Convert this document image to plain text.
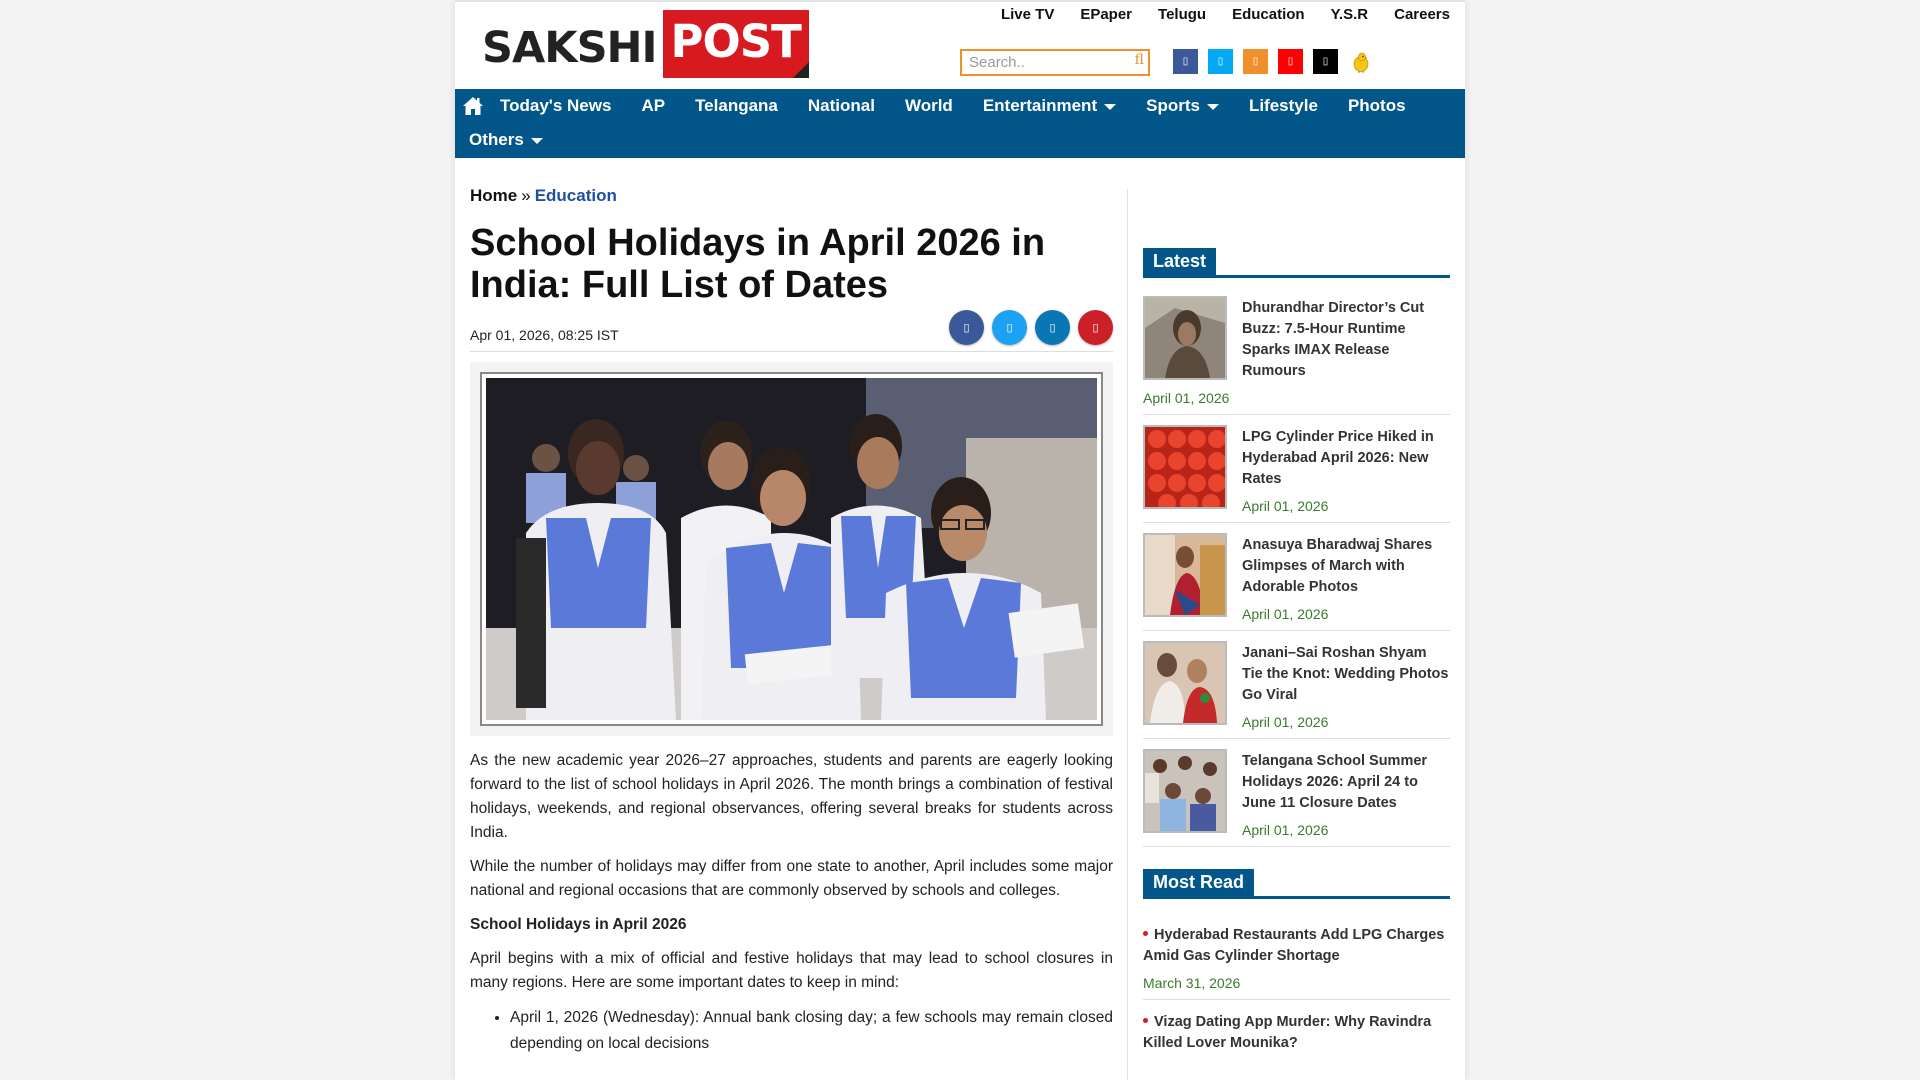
SAKSHI POST
Live TV EPaper Telugu Education Y.S.R Careers
Search..
ﬂ	▯	▯	▯	▯	▯
Today's News AP Telangana National World Entertainment	Sports	Lifestyle Photos
Others
Home » Education
School Holidays in April 2026 in India: Full List of Dates
Apr 01, 2026, 08:25 IST	▯	▯	▯	▯

As the new academic year 2026–27 approaches, students and parents are eagerly looking forward to the list of school holidays in April 2026. The month brings a combination of festival holidays, weekends, and regional observances, offering several breaks for students across India.

While the number of holidays may differ from one state to another, April includes some major national and regional occasions that are commonly observed by schools and colleges.

School Holidays in April 2026

April begins with a mix of official and festive holidays that may lead to school closures in many regions. Here are some important dates to keep in mind:

• April 1, 2026 (Wednesday): Annual bank closing day; a few schools may remain closed depending on local decisions
Latest
Dhurandhar Director’s Cut Buzz: 7.5-Hour Runtime Sparks IMAX Release Rumours
April 01, 2026
LPG Cylinder Price Hiked in Hyderabad April 2026: New Rates
April 01, 2026
Anasuya Bharadwaj Shares Glimpses of March with Adorable Photos
April 01, 2026
Janani–Sai Roshan Shyam Tie the Knot: Wedding Photos Go Viral
April 01, 2026
Telangana School Summer Holidays 2026: April 24 to June 11 Closure Dates
April 01, 2026
Most Read
Hyderabad Restaurants Add LPG Charges Amid Gas Cylinder Shortage
March 31, 2026
Vizag Dating App Murder: Why Ravindra Killed Lover Mounika?
